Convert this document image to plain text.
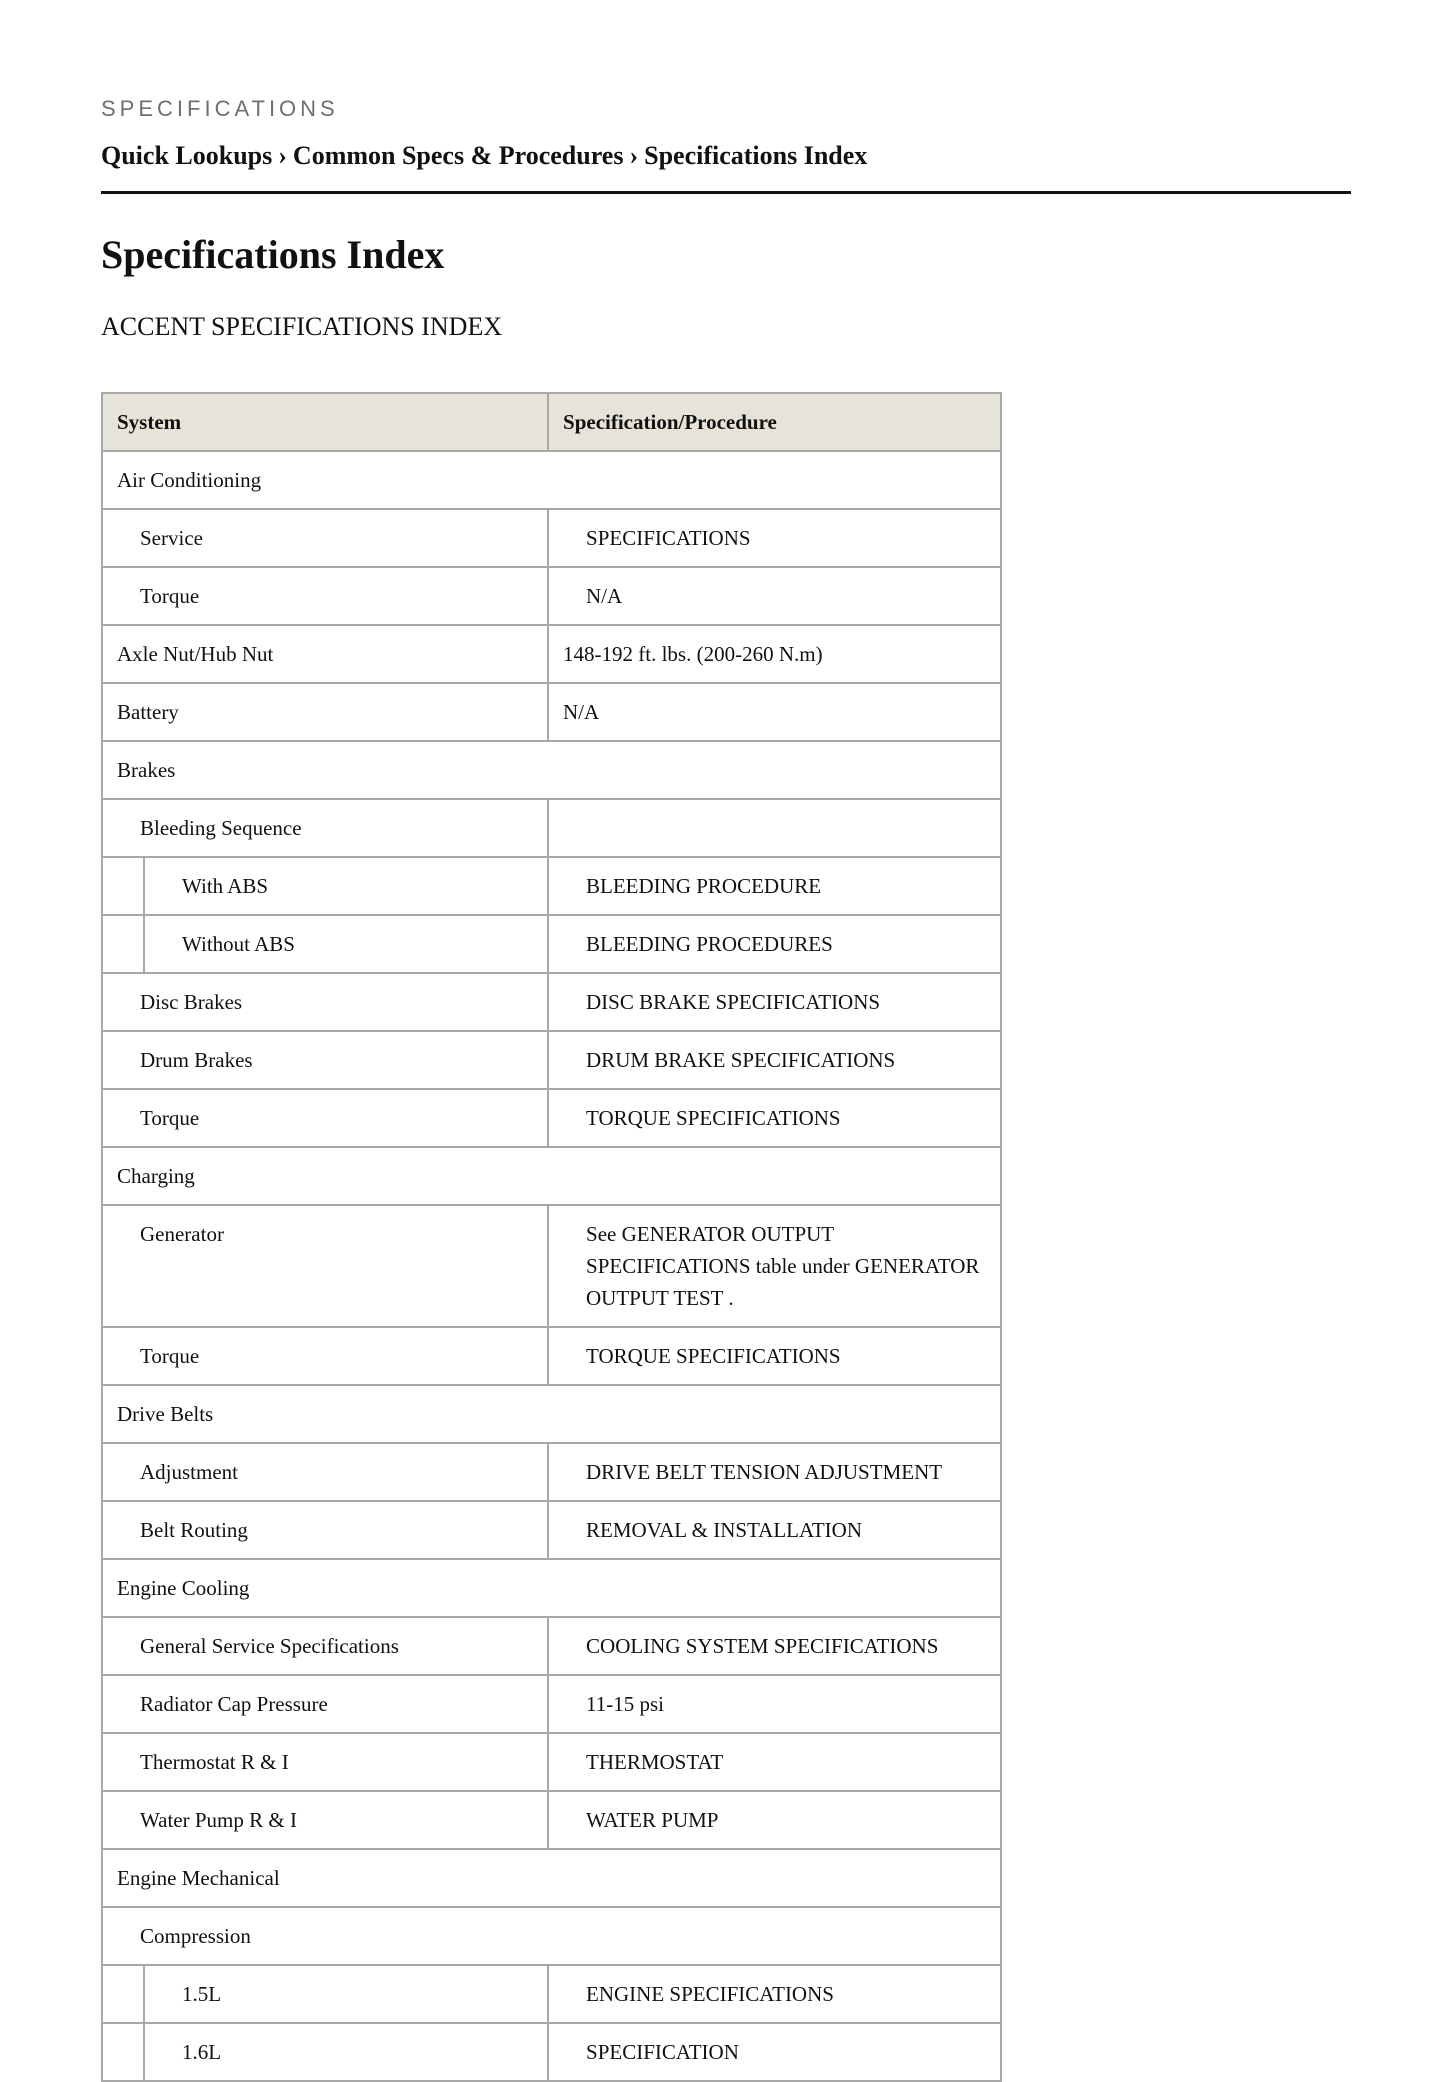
SPECIFICATIONS
Quick Lookups › Common Specs & Procedures › Specifications Index
Specifications Index
ACCENT SPECIFICATIONS INDEX
System		Specification/Procedure
Air Conditioning		
Service		SPECIFICATIONS
Torque		N/A
Axle Nut/Hub Nut		148-192 ft. lbs. (200-260 N.m)
Battery		N/A
Brakes		
Bleeding Sequence		
	With ABS	BLEEDING PROCEDURE
	Without ABS	BLEEDING PROCEDURES
Disc Brakes		DISC BRAKE SPECIFICATIONS
Drum Brakes		DRUM BRAKE SPECIFICATIONS
Torque		TORQUE SPECIFICATIONS
Charging		
Generator		See GENERATOR OUTPUT SPECIFICATIONS table under GENERATOR OUTPUT TEST .
Torque		TORQUE SPECIFICATIONS
Drive Belts		
Adjustment		DRIVE BELT TENSION ADJUSTMENT
Belt Routing		REMOVAL & INSTALLATION
Engine Cooling		
General Service Specifications		COOLING SYSTEM SPECIFICATIONS
Radiator Cap Pressure		11-15 psi
Thermostat R & I		THERMOSTAT
Water Pump R & I		WATER PUMP
Engine Mechanical		
Compression		
	1.5L	ENGINE SPECIFICATIONS
	1.6L	SPECIFICATION
